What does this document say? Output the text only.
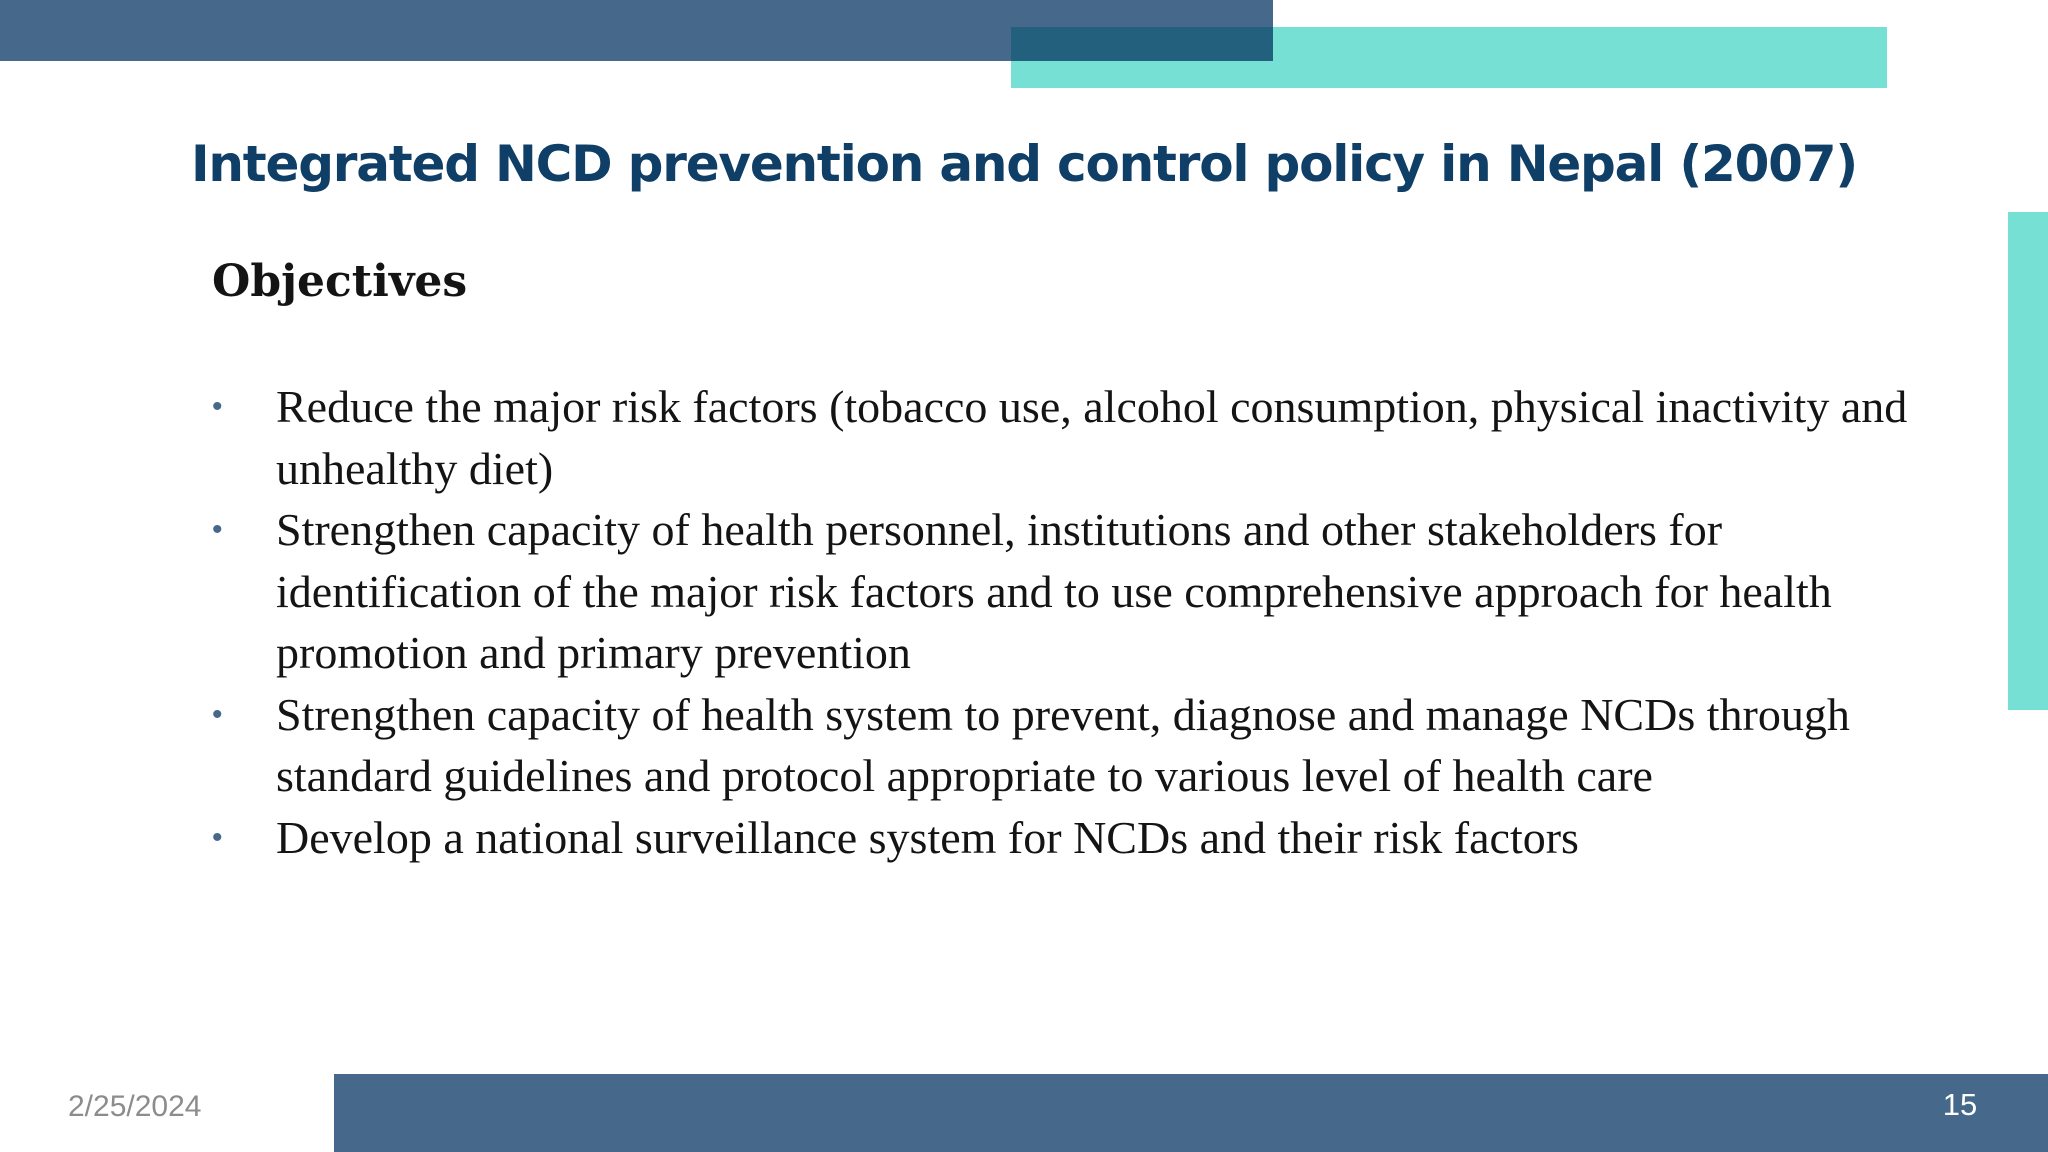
Integrated NCD prevention and control policy in Nepal (2007)
Objectives
• Reduce the major risk factors (tobacco use, alcohol consumption, physical inactivity and unhealthy diet)
• Strengthen capacity of health personnel, institutions and other stakeholders for identification of the major risk factors and to use comprehensive approach for health promotion and primary prevention
• Strengthen capacity of health system to prevent, diagnose and manage NCDs through standard guidelines and protocol appropriate to various level of health care
• Develop a national surveillance system for NCDs and their risk factors
2/25/2024	15
